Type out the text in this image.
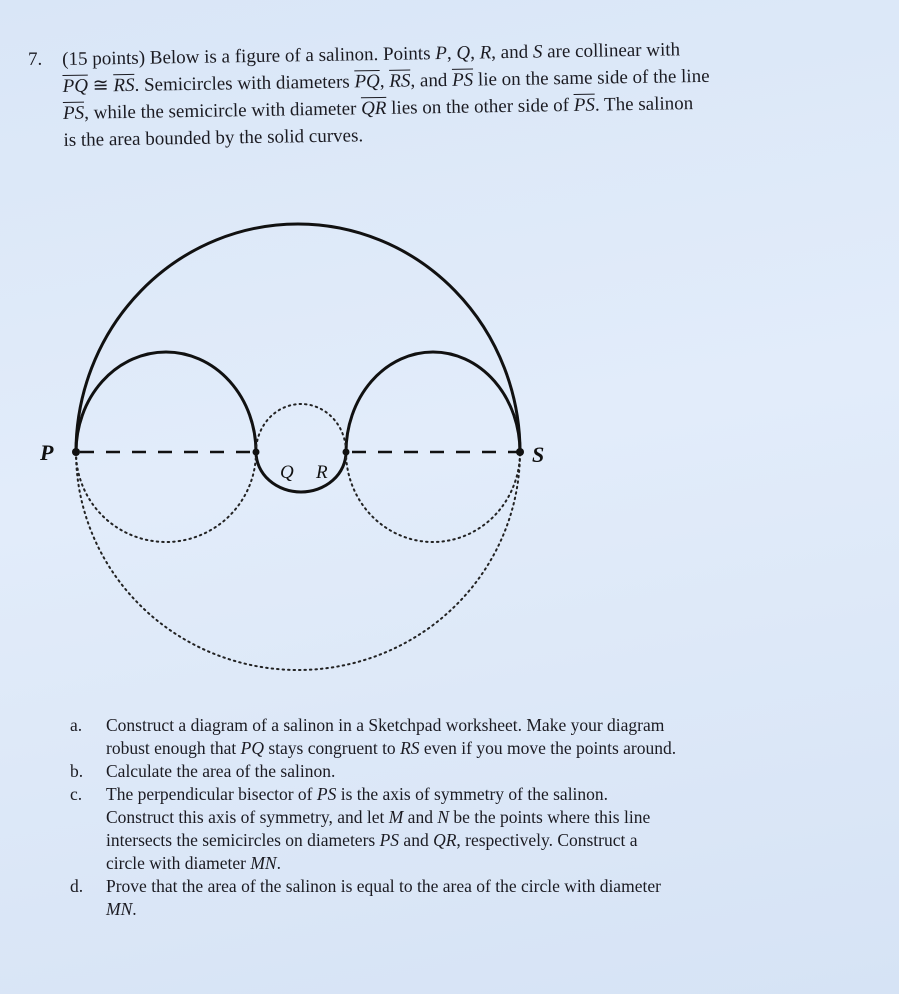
7. (15 points) Below is a figure of a salinon. Points P, Q, R, and S are collinear with
$\overline{PQ}$ ≅ $\overline{RS}$. Semicircles with diameters $\overline{PQ}$, $\overline{RS}$, and $\overline{PS}$ lie on the same side of the line
$\overline{PS}$, while the semicircle with diameter $\overline{QR}$ lies on the other side of $\overline{PS}$. The salinon
is the area bounded by the solid curves.
P
Q R
S
a. Construct a diagram of a salinon in a Sketchpad worksheet. Make your diagram
robust enough that PQ stays congruent to RS even if you move the points around.
b. Calculate the area of the salinon.
c. The perpendicular bisector of PS is the axis of symmetry of the salinon.
Construct this axis of symmetry, and let M and N be the points where this line
intersects the semicircles on diameters PS and QR, respectively. Construct a
circle with diameter MN.
d. Prove that the area of the salinon is equal to the area of the circle with diameter
MN.
